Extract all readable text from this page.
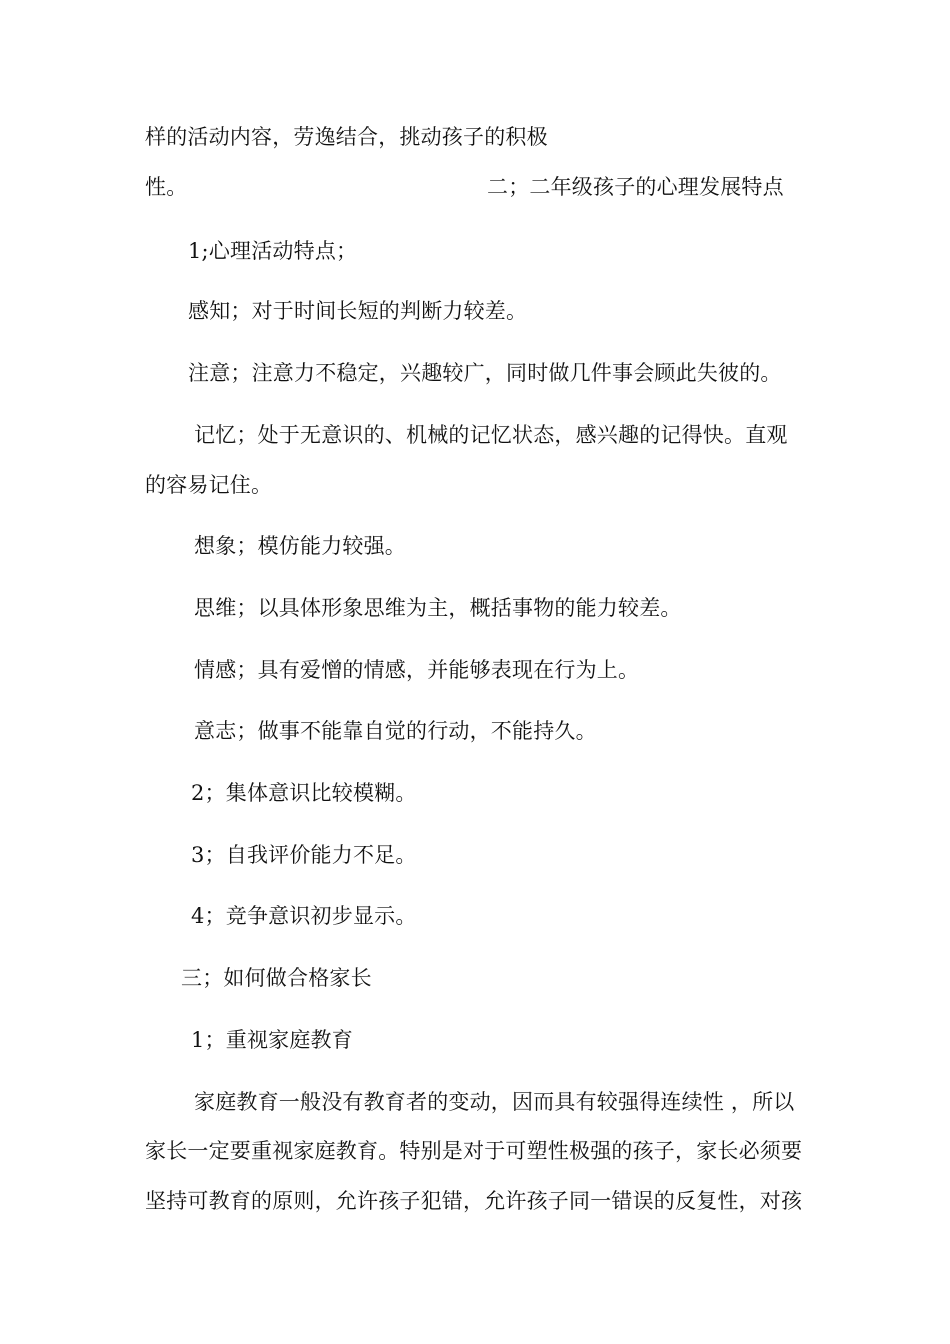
样的活动内容，劳逸结合，挑动孩子的积极
性。	二；二年级孩子的心理发展特点
1;心理活动特点；
感知；对于时间长短的判断力较差。
注意；注意力不稳定，兴趣较广，同时做几件事会顾此失彼的。
记忆；处于无意识的、机械的记忆状态，感兴趣的记得快。直观
的容易记住。
想象；模仿能力较强。
思维；以具体形象思维为主，概括事物的能力较差。
情感；具有爱憎的情感，并能够表现在行为上。
意志；做事不能靠自觉的行动，不能持久。
2；集体意识比较模糊。
3；自我评价能力不足。
4；竞争意识初步显示。
三；如何做合格家长
1；重视家庭教育
家庭教育一般没有教育者的变动，因而具有较强得连续性 ，所以
家长一定要重视家庭教育。特别是对于可塑性极强的孩子，家长必须要
坚持可教育的原则，允许孩子犯错，允许孩子同一错误的反复性，对孩
